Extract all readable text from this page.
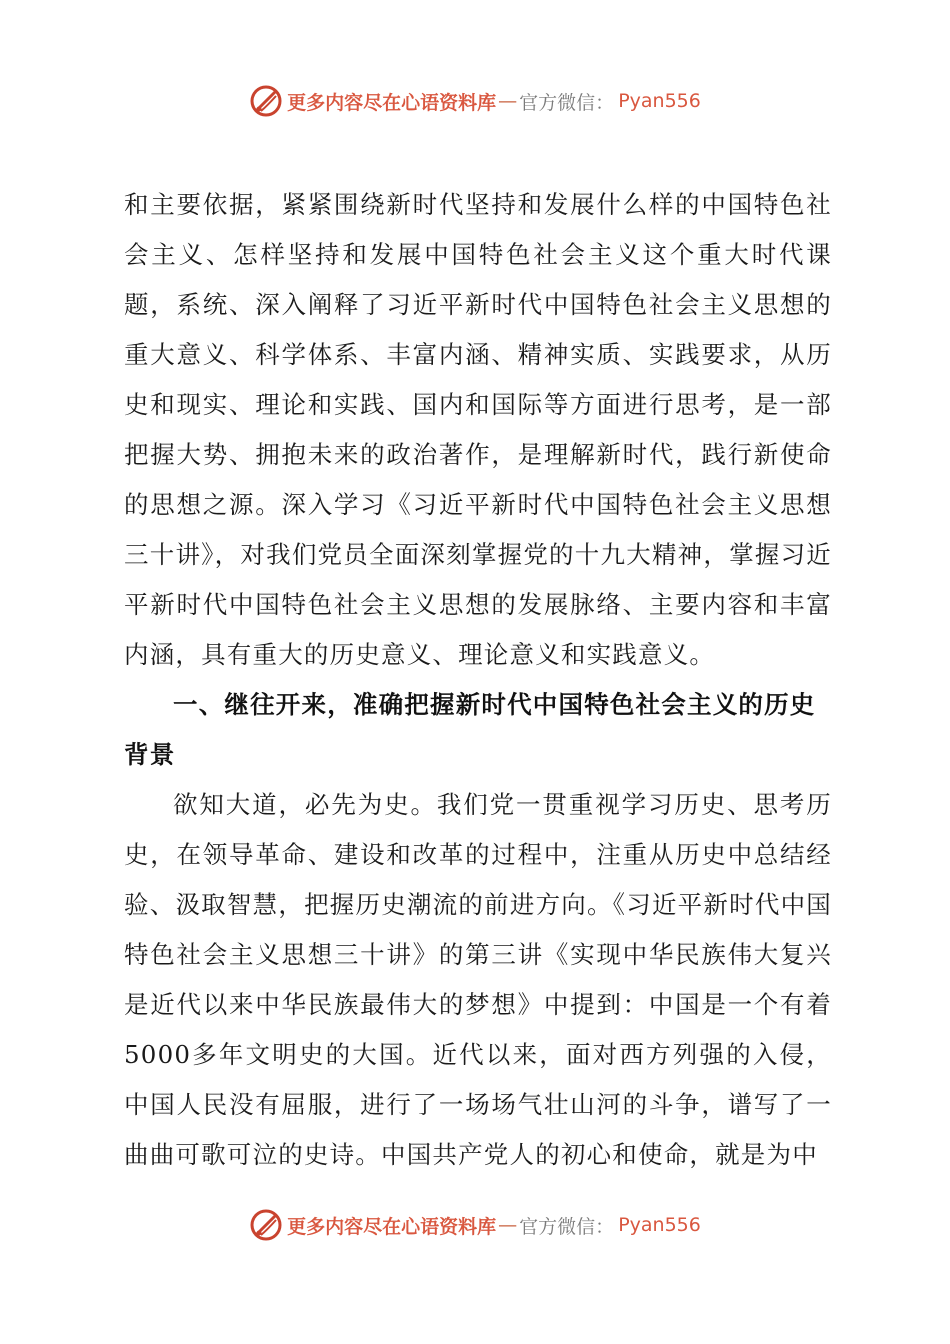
更多内容尽在心语资料库 — 官方微信： Pyan556

和主要依据，紧紧围绕新时代坚持和发展什么样的中国特色社会主义、怎样坚持和发展中国特色社会主义这个重大时代课题，系统、深入阐释了习近平新时代中国特色社会主义思想的重大意义、科学体系、丰富内涵、精神实质、实践要求，从历史和现实、理论和实践、国内和国际等方面进行思考，是一部把握大势、拥抱未来的政治著作，是理解新时代，践行新使命的思想之源。深入学习《习近平新时代中国特色社会主义思想三十讲》，对我们党员全面深刻掌握党的十九大精神，掌握习近平新时代中国特色社会主义思想的发展脉络、主要内容和丰富内涵，具有重大的历史意义、理论意义和实践意义。

一、继往开来，准确把握新时代中国特色社会主义的历史背景

欲知大道，必先为史。我们党一贯重视学习历史、思考历史，在领导革命、建设和改革的过程中，注重从历史中总结经验、汲取智慧，把握历史潮流的前进方向。《习近平新时代中国特色社会主义思想三十讲》的第三讲《实现中华民族伟大复兴是近代以来中华民族最伟大的梦想》中提到：中国是一个有着5000多年文明史的大国。近代以来，面对西方列强的入侵，中国人民没有屈服，进行了一场场气壮山河的斗争，谱写了一曲曲可歌可泣的史诗。中国共产党人的初心和使命，就是为中

更多内容尽在心语资料库 — 官方微信： Pyan556
